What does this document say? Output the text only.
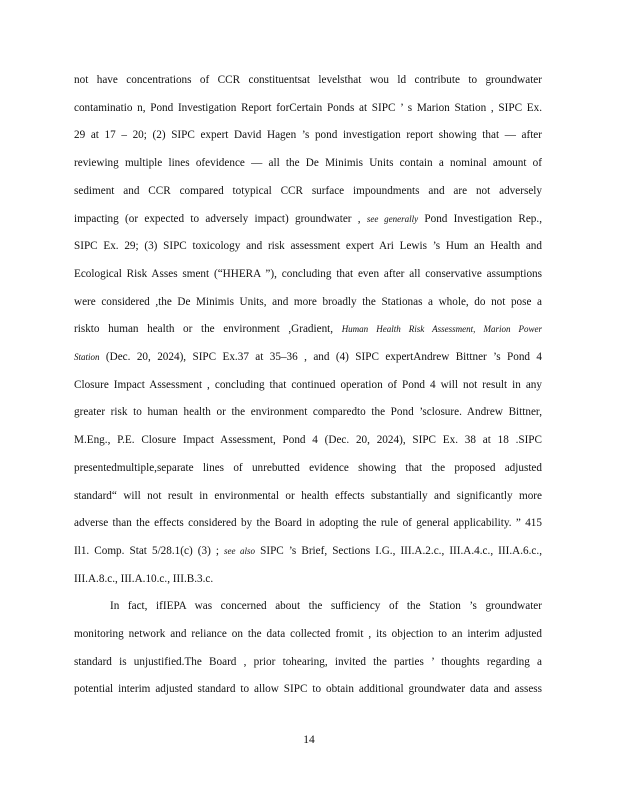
not have concentrations of CCR constituentsat levelsthat wou ld contribute to groundwater
contaminatio n, Pond Investigation Report forCertain Ponds at SIPC ’ s Marion Station , SIPC Ex.
29 at 17 – 20; (2) SIPC expert David Hagen ’s pond investigation report showing that — after
reviewing multiple lines ofevidence — all the De Minimis Units contain a nominal amount of
sediment and CCR compared totypical CCR surface impoundments and are not adversely
impacting (or expected to adversely impact) groundwater , see generally Pond Investigation Rep.,
SIPC Ex. 29; (3) SIPC toxicology and risk assessment expert Ari Lewis ’s Hum an Health and
Ecological Risk Asses sment (“HHERA ”), concluding that even after all conservative assumptions
were considered ,the De Minimis Units, and more broadly the Stationas a whole, do not pose a
riskto human health or the environment ,Gradient, Human Health Risk Assessment, Marion Power
Station (Dec. 20, 2024), SIPC Ex.37 at 35–36 , and (4) SIPC expertAndrew Bittner ’s Pond 4
Closure Impact Assessment , concluding that continued operation of Pond 4 will not result in any
greater risk to human health or the environment comparedto the Pond ’sclosure. Andrew Bittner,
M.Eng., P.E. Closure Impact Assessment, Pond 4 (Dec. 20, 2024), SIPC Ex. 38 at 18 .SIPC
presentedmultiple,separate lines of unrebutted evidence showing that the proposed adjusted
standard“ will not result in environmental or health effects substantially and significantly more
adverse than the effects considered by the Board in adopting the rule of general applicability. ” 415
Il1. Comp. Stat 5/28.1(c) (3) ; see also SIPC ’s Brief, Sections I.G., III.A.2.c., III.A.4.c., III.A.6.c.,
III.A.8.c., III.A.10.c., III.B.3.c.
In fact, ifIEPA was concerned about the sufficiency of the Station ’s groundwater
monitoring network and reliance on the data collected fromit , its objection to an interim adjusted
standard is unjustified.The Board , prior tohearing, invited the parties ’ thoughts regarding a
potential interim adjusted standard to allow SIPC to obtain additional groundwater data and assess
14
